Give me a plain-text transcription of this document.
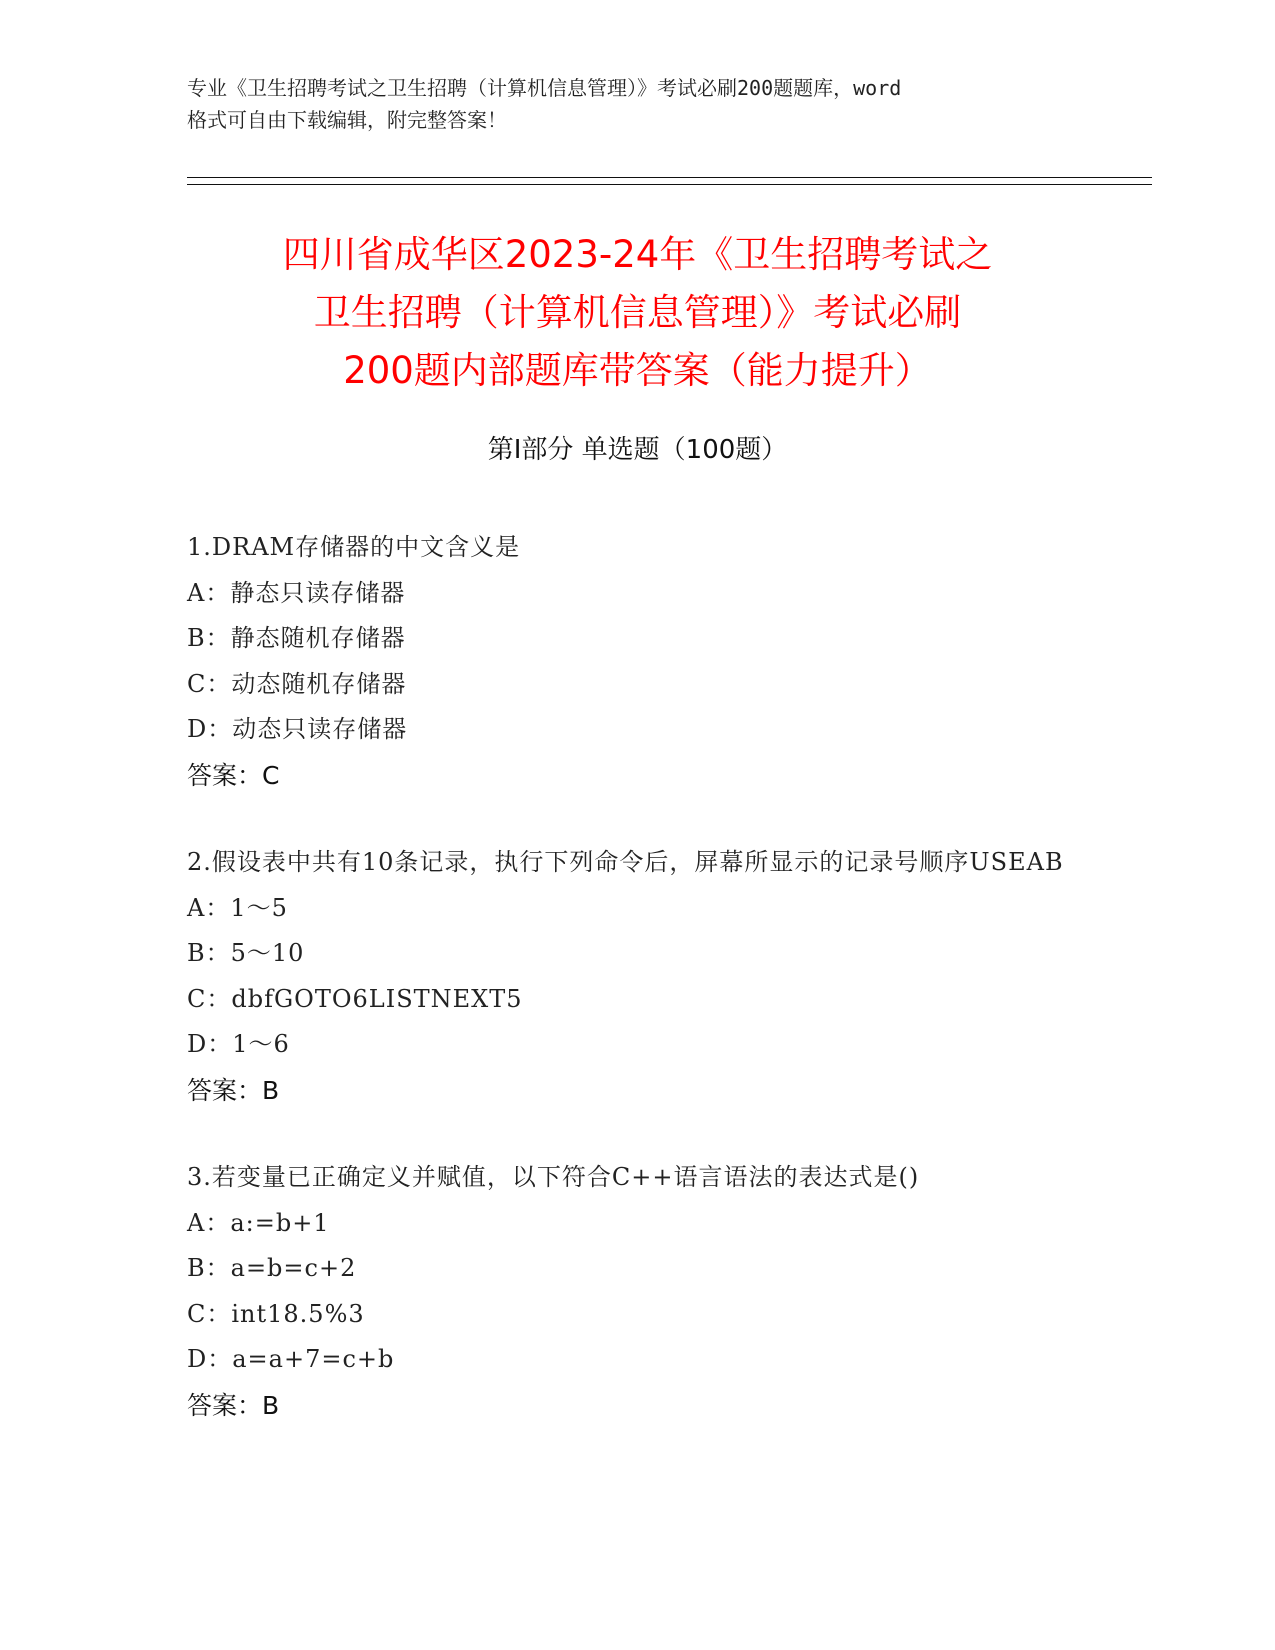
专业《卫生招聘考试之卫生招聘（计算机信息管理）》考试必刷200题题库，word
格式可自由下载编辑，附完整答案！
四川省成华区2023-24年《卫生招聘考试之
卫生招聘（计算机信息管理）》考试必刷
200题内部题库带答案（能力提升）
第Ⅰ部分 单选题（100题）
1.DRAM存储器的中文含义是
A：静态只读存储器
B：静态随机存储器
C：动态随机存储器
D：动态只读存储器
答案：C
2.假设表中共有10条记录，执行下列命令后，屏幕所显示的记录号顺序USEAB
A：1～5
B：5～10
C：dbfGOTO6LISTNEXT5
D：1～6
答案：B
3.若变量已正确定义并赋值，以下符合C++语言语法的表达式是()
A：a:=b+1
B：a=b=c+2
C：int18.5%3
D：a=a+7=c+b
答案：B
